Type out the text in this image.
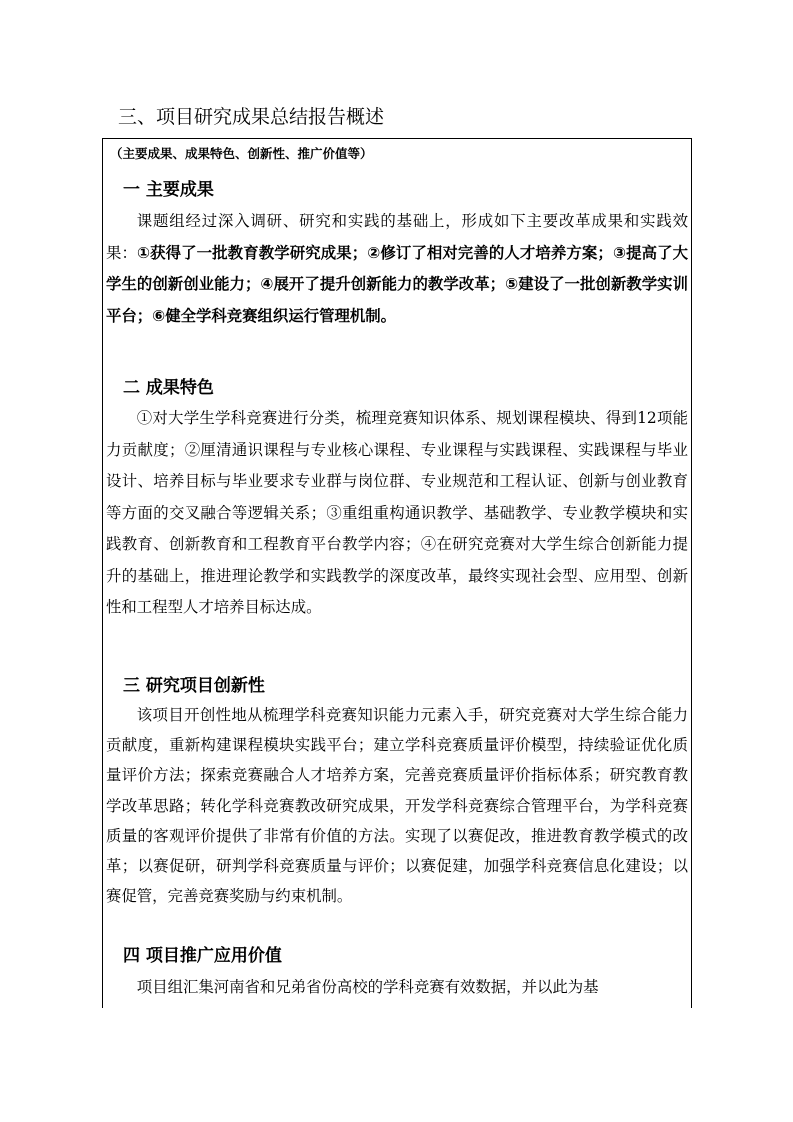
三、项目研究成果总结报告概述

（主要成果、成果特色、创新性、推广价值等）

一 主要成果

课题组经过深入调研、研究和实践的基础上，形成如下主要改革成果和实践效果：①获得了一批教育教学研究成果；②修订了相对完善的人才培养方案；③提高了大学生的创新创业能力；④展开了提升创新能力的教学改革；⑤建设了一批创新教学实训平台；⑥健全学科竞赛组织运行管理机制。

二 成果特色

①对大学生学科竞赛进行分类，梳理竞赛知识体系、规划课程模块、得到12项能力贡献度；②厘清通识课程与专业核心课程、专业课程与实践课程、实践课程与毕业设计、培养目标与毕业要求专业群与岗位群、专业规范和工程认证、创新与创业教育等方面的交叉融合等逻辑关系；③重组重构通识教学、基础教学、专业教学模块和实践教育、创新教育和工程教育平台教学内容；④在研究竞赛对大学生综合创新能力提升的基础上，推进理论教学和实践教学的深度改革，最终实现社会型、应用型、创新性和工程型人才培养目标达成。

三 研究项目创新性

该项目开创性地从梳理学科竞赛知识能力元素入手，研究竞赛对大学生综合能力贡献度，重新构建课程模块实践平台；建立学科竞赛质量评价模型，持续验证优化质量评价方法；探索竞赛融合人才培养方案，完善竞赛质量评价指标体系；研究教育教学改革思路；转化学科竞赛教改研究成果，开发学科竞赛综合管理平台，为学科竞赛质量的客观评价提供了非常有价值的方法。实现了以赛促改，推进教育教学模式的改革；以赛促研，研判学科竞赛质量与评价；以赛促建，加强学科竞赛信息化建设；以赛促管，完善竞赛奖励与约束机制。

四 项目推广应用价值

项目组汇集河南省和兄弟省份高校的学科竞赛有效数据，并以此为基
